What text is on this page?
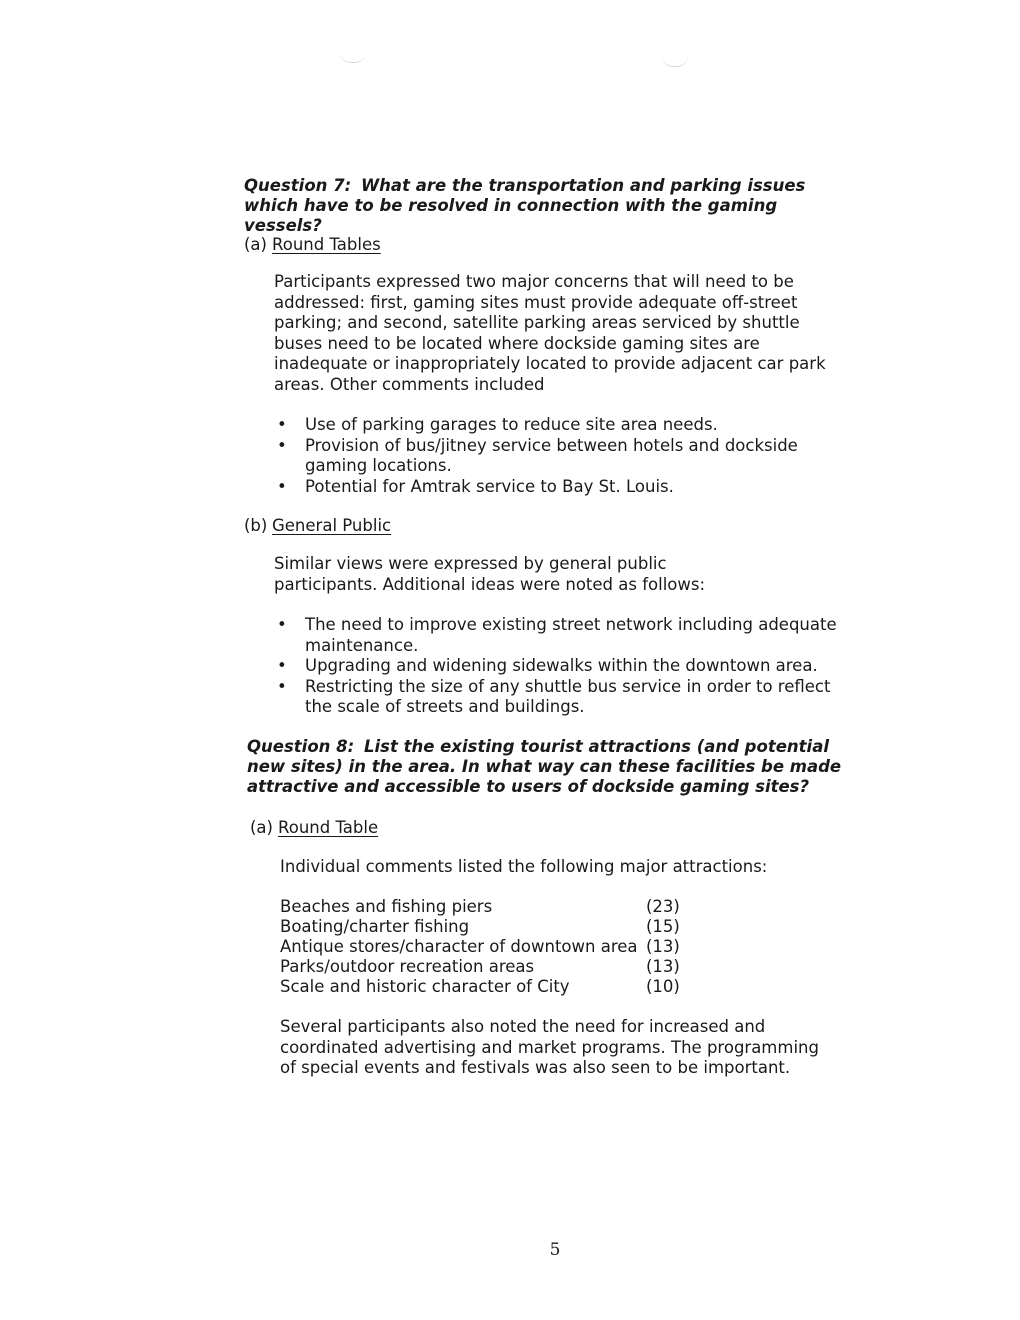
Question 7: What are the transportation and parking issues which have to be resolved in connection with the gaming vessels?

(a) Round Tables

Participants expressed two major concerns that will need to be addressed: first, gaming sites must provide adequate off-street parking; and second, satellite parking areas serviced by shuttle buses need to be located where dockside gaming sites are inadequate or inappropriately located to provide adjacent car park areas. Other comments included

• Use of parking garages to reduce site area needs.
• Provision of bus/jitney service between hotels and dockside gaming locations.
• Potential for Amtrak service to Bay St. Louis.

(b) General Public

Similar views were expressed by general public participants. Additional ideas were noted as follows:

• The need to improve existing street network including adequate maintenance.
• Upgrading and widening sidewalks within the downtown area.
• Restricting the size of any shuttle bus service in order to reflect the scale of streets and buildings.

Question 8: List the existing tourist attractions (and potential new sites) in the area. In what way can these facilities be made attractive and accessible to users of dockside gaming sites?

(a) Round Table

Individual comments listed the following major attractions:

Beaches and fishing piers	(23)
Boating/charter fishing	(15)
Antique stores/character of downtown area	(13)
Parks/outdoor recreation areas	(13)
Scale and historic character of City	(10)

Several participants also noted the need for increased and coordinated advertising and market programs. The programming of special events and festivals was also seen to be important.

5
